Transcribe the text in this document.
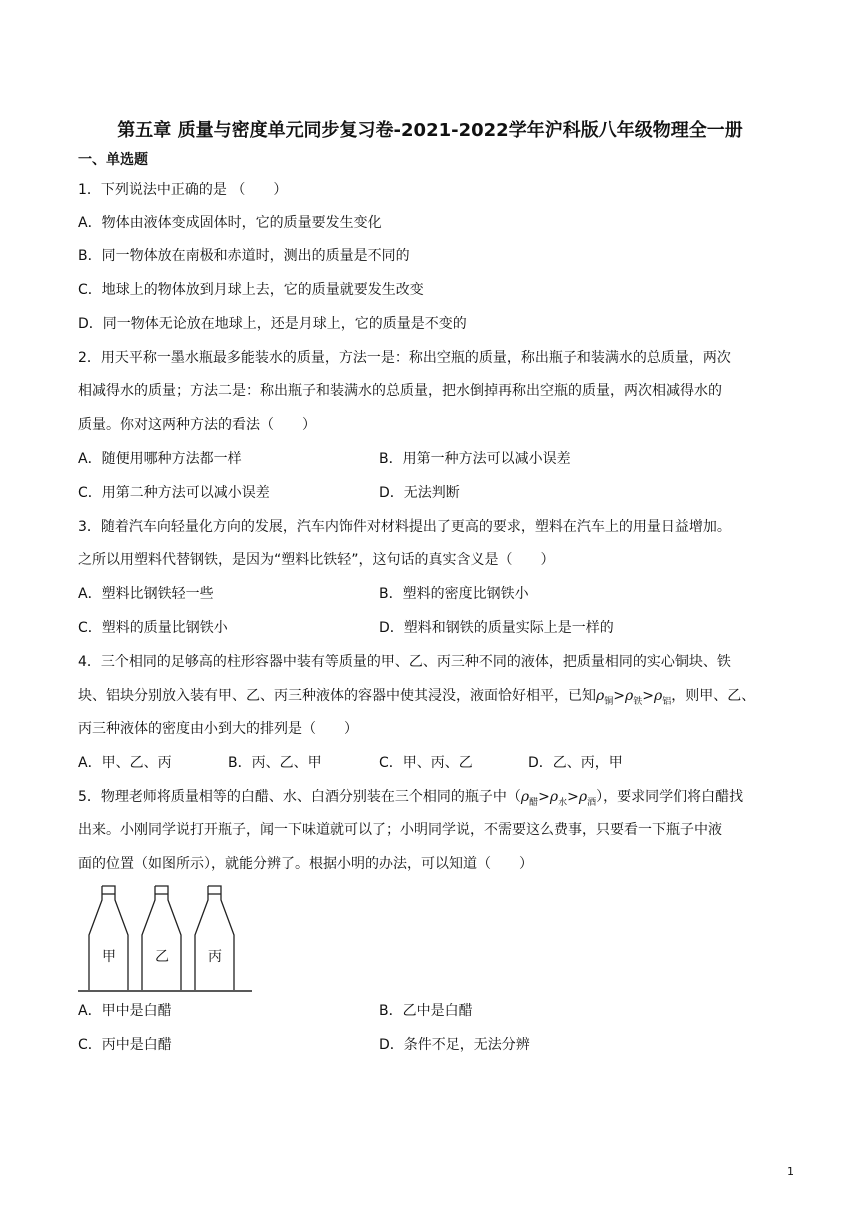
第五章 质量与密度单元同步复习卷-2021-2022学年沪科版八年级物理全一册
一、单选题
1．下列说法中正确的是 （　　）
A．物体由液体变成固体时，它的质量要发生变化
B．同一物体放在南极和赤道时，测出的质量是不同的
C．地球上的物体放到月球上去，它的质量就要发生改变
D．同一物体无论放在地球上，还是月球上，它的质量是不变的
2．用天平称一墨水瓶最多能装水的质量，方法一是：称出空瓶的质量，称出瓶子和装满水的总质量，两次
相减得水的质量；方法二是：称出瓶子和装满水的总质量，把水倒掉再称出空瓶的质量，两次相减得水的
质量。你对这两种方法的看法（　　）
A．随便用哪种方法都一样	B．用第一种方法可以减小误差
C．用第二种方法可以减小误差	D．无法判断
3．随着汽车向轻量化方向的发展，汽车内饰件对材料提出了更高的要求，塑料在汽车上的用量日益增加。
之所以用塑料代替钢铁，是因为“塑料比铁轻”，这句话的真实含义是（　　）
A．塑料比钢铁轻一些	B．塑料的密度比钢铁小
C．塑料的质量比钢铁小	D．塑料和钢铁的质量实际上是一样的
4．三个相同的足够高的柱形容器中装有等质量的甲、乙、丙三种不同的液体，把质量相同的实心铜块、铁
块、铝块分别放入装有甲、乙、丙三种液体的容器中使其浸没，液面恰好相平，已知$\rho_铜>\rho_铁>\rho_铝$，则甲、乙、
丙三种液体的密度由小到大的排列是（　　）
A．甲、乙、丙	B．丙、乙、甲	C．甲、丙、乙	D．乙、丙，甲
5．物理老师将质量相等的白醋、水、白酒分别装在三个相同的瓶子中$(\rho_醋>\rho_水>\rho_酒)$，要求同学们将白醋找
出来。小刚同学说打开瓶子，闻一下味道就可以了；小明同学说，不需要这么费事，只要看一下瓶子中液
面的位置（如图所示），就能分辨了。根据小明的办法，可以知道（　　）
甲	乙	丙
A．甲中是白醋	B．乙中是白醋
C．丙中是白醋	D．条件不足，无法分辨
1
